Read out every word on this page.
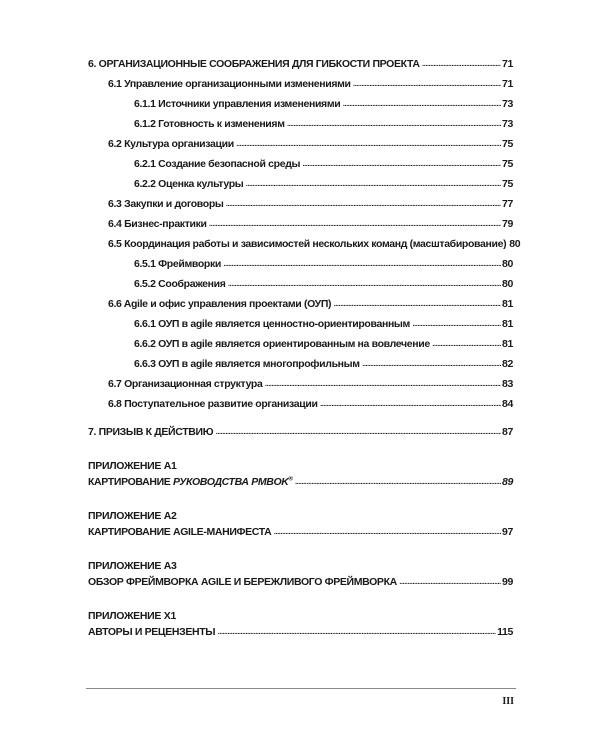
6. ОРГАНИЗАЦИОННЫЕ СООБРАЖЕНИЯ ДЛЯ ГИБКОСТИ ПРОЕКТА . . .	71
6.1 Управление организационными изменениями . . .	71
6.1.1 Источники управления изменениями . . .	73
6.1.2 Готовность к изменениям . . .	73
6.2 Культура организации . . .	75
6.2.1 Создание безопасной среды . . .	75
6.2.2 Оценка культуры . . .	75
6.3 Закупки и договоры . . .	77
6.4 Бизнес-практики . . .	79
6.5 Координация работы и зависимостей нескольких команд (масштабирование) 80
6.5.1 Фреймворки . . .	80
6.5.2 Соображения . . .	80
6.6 Agile и офис управления проектами (ОУП) . . .	81
6.6.1 ОУП в agile является ценностно-ориентированным . . .	81
6.6.2 ОУП в agile является ориентированным на вовлечение . . .	81
6.6.3 ОУП в agile является многопрофильным . . .	82
6.7 Организационная структура . . .	83
6.8 Поступательное развитие организации . . .	84
7. ПРИЗЫВ К ДЕЙСТВИЮ . . .	87
ПРИЛОЖЕНИЕ A1
КАРТИРОВАНИЕ РУКОВОДСТВА PMBOK® . . .	89
ПРИЛОЖЕНИЕ A2
КАРТИРОВАНИЕ AGILE-МАНИФЕСТА . . .	97
ПРИЛОЖЕНИЕ A3
ОБЗОР ФРЕЙМВОРКА AGILE И БЕРЕЖЛИВОГО ФРЕЙМВОРКА . . .	99
ПРИЛОЖЕНИЕ X1
АВТОРЫ И РЕЦЕНЗЕНТЫ . . .	115
III
